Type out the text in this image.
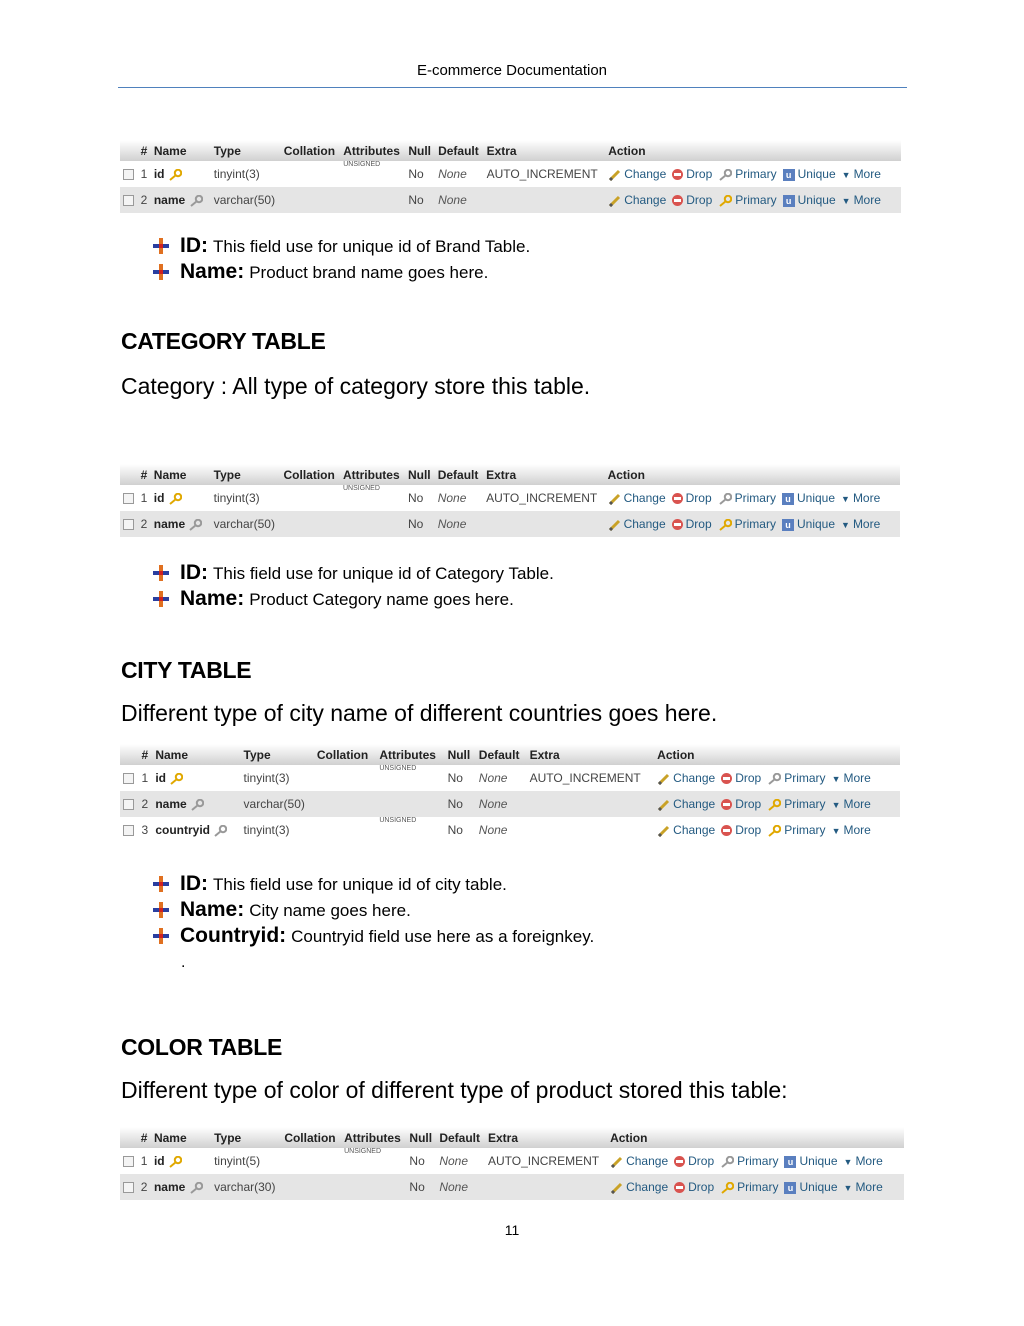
E-commerce Documentation
	#	Name	Type	Collation	Attributes	Null	Default	Extra	Action
	1	id	tinyint(3)		$^{UNSIGNED}$	No	None	AUTO_INCREMENT	Change Drop Primary u Unique ▼ More
	2	name	varchar(50)			No	None		Change Drop Primary u Unique ▼ More
ID: This field use for unique id of Brand Table.
Name: Product brand name goes here.
CATEGORY TABLE
Category : All type of category store this table.
	#	Name	Type	Collation	Attributes	Null	Default	Extra	Action
	1	id	tinyint(3)		$^{UNSIGNED}$	No	None	AUTO_INCREMENT	Change Drop Primary u Unique ▼ More
	2	name	varchar(50)			No	None		Change Drop Primary u Unique ▼ More
ID: This field use for unique id of Category Table.
Name: Product Category name goes here.
CITY TABLE
Different type of city name of different countries goes here.
	#	Name	Type	Collation	Attributes	Null	Default	Extra	Action
	1	id	tinyint(3)		$^{UNSIGNED}$	No	None	AUTO_INCREMENT	Change Drop Primary ▼ More
	2	name	varchar(50)			No	None		Change Drop Primary ▼ More
	3	countryid	tinyint(3)		$^{UNSIGNED}$	No	None		Change Drop Primary ▼ More
ID: This field use for unique id of city table.
Name: City name goes here.
Countryid: Countryid field use here as a foreignkey.
.
COLOR TABLE
Different type of color of different type of product stored this table:
	#	Name	Type	Collation	Attributes	Null	Default	Extra	Action
	1	id	tinyint(5)		$^{UNSIGNED}$	No	None	AUTO_INCREMENT	Change Drop Primary u Unique ▼ More
	2	name	varchar(30)			No	None		Change Drop Primary u Unique ▼ More
11
